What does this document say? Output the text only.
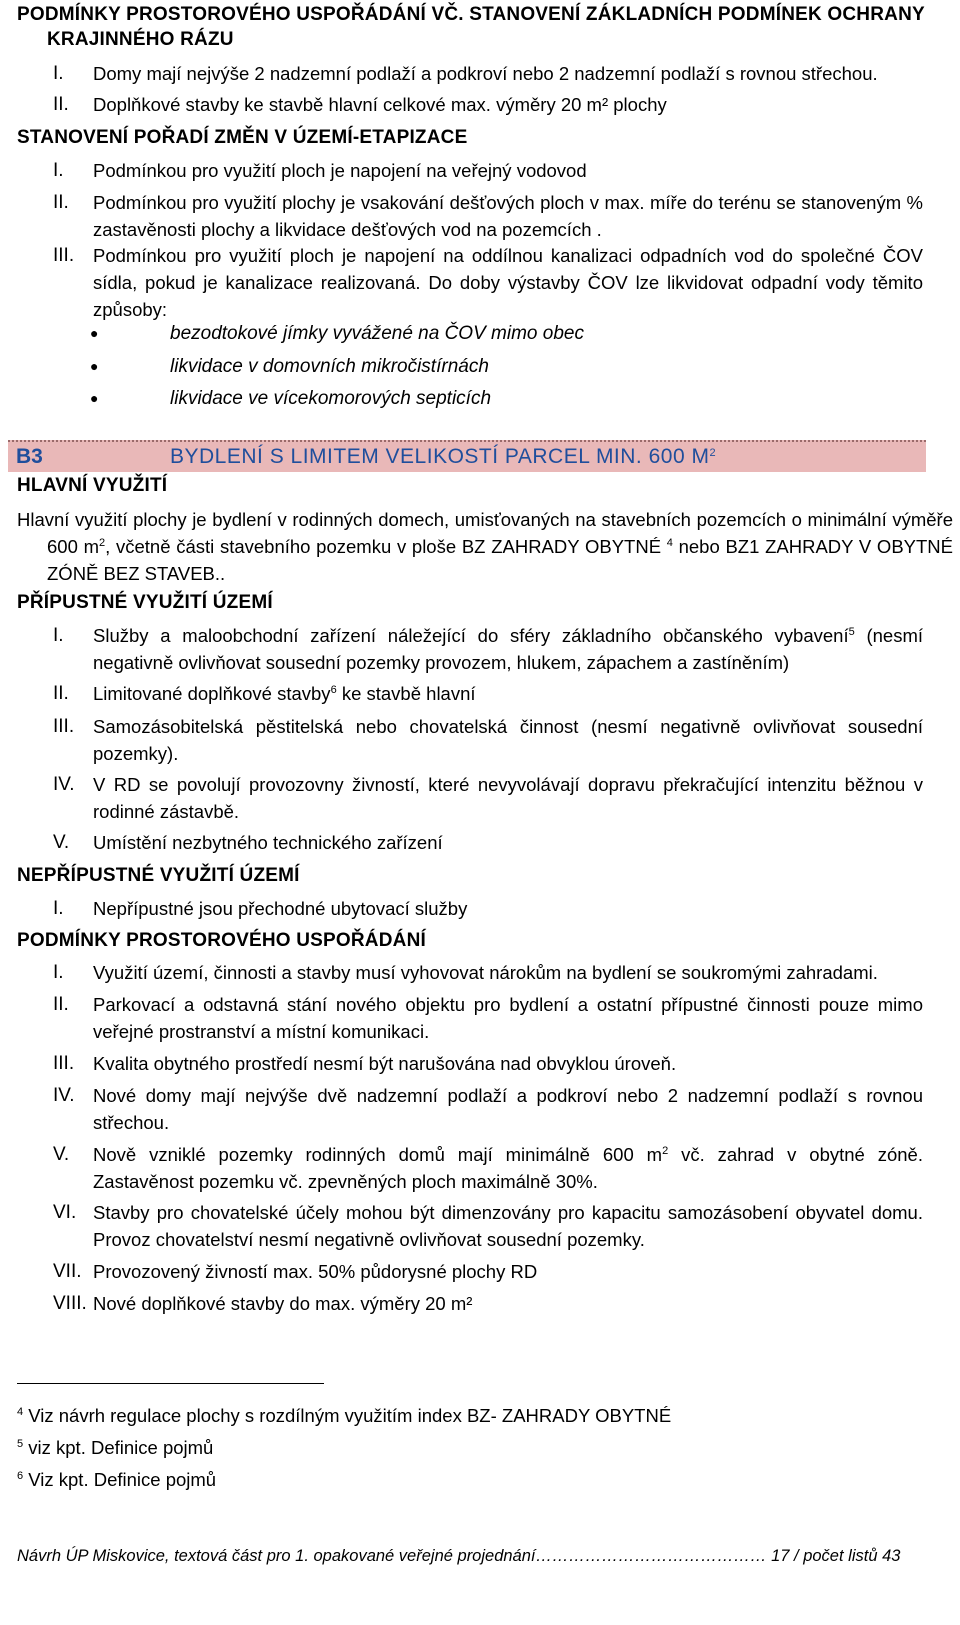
PODMÍNKY PROSTOROVÉHO USPOŘÁDÁNÍ VČ. STANOVENÍ ZÁKLADNÍCH PODMÍNEK OCHRANY
KRAJINNÉHO RÁZU
I. Domy mají nejvýše 2 nadzemní podlaží a podkroví nebo 2 nadzemní podlaží s rovnou střechou.
II. Doplňkové stavby ke stavbě hlavní celkové max. výměry 20 m² plochy
STANOVENÍ POŘADÍ ZMĚN V ÚZEMÍ-ETAPIZACE
I. Podmínkou pro využití ploch je napojení na veřejný vodovod
II. Podmínkou pro využití plochy je vsakování dešťových ploch v max. míře do terénu se stanoveným % zastavěnosti plochy a likvidace dešťových vod na pozemcích .
III. Podmínkou pro využití ploch je napojení na oddílnou kanalizaci odpadních vod do společné ČOV sídla, pokud je kanalizace realizovaná. Do doby výstavby ČOV lze likvidovat odpadní vody těmito způsoby:
●	bezodtokové jímky vyvážené na ČOV mimo obec
●	likvidace v domovních mikročistírnách
●	likvidace ve vícekomorových septicích
B3	BYDLENÍ S LIMITEM VELIKOSTÍ PARCEL MIN. 600 $M^2$
HLAVNÍ VYUŽITÍ
Hlavní využití plochy je bydlení v rodinných domech, umisťovaných na stavebních pozemcích o minimální výměře 600 $m^2$, včetně části stavebního pozemku v ploše BZ ZAHRADY OBYTNÉ $^4$ nebo BZ1 ZAHRADY V OBYTNÉ ZÓNĚ BEZ STAVEB..
PŘÍPUSTNÉ VYUŽITÍ ÚZEMÍ
I. Služby a maloobchodní zařízení náležející do sféry základního občanského vybavení$^5$ (nesmí negativně ovlivňovat sousední pozemky provozem, hlukem, zápachem a zastíněním)
II. Limitované doplňkové stavby$^6$ ke stavbě hlavní
III. Samozásobitelská pěstitelská nebo chovatelská činnost (nesmí negativně ovlivňovat sousední pozemky).
IV. V RD se povolují provozovny živností, které nevyvolávají dopravu překračující intenzitu běžnou v rodinné zástavbě.
V. Umístění nezbytného technického zařízení
NEPŘÍPUSTNÉ VYUŽITÍ ÚZEMÍ
I. Nepřípustné jsou přechodné ubytovací služby
PODMÍNKY PROSTOROVÉHO USPOŘÁDÁNÍ
I. Využití území, činnosti a stavby musí vyhovovat nárokům na bydlení se soukromými zahradami.
II. Parkovací a odstavná stání nového objektu pro bydlení a ostatní přípustné činnosti pouze mimo veřejné prostranství a místní komunikaci.
III. Kvalita obytného prostředí nesmí být narušována nad obvyklou úroveň.
IV. Nové domy mají nejvýše dvě nadzemní podlaží a podkroví nebo 2 nadzemní podlaží s rovnou střechou.
V. Nově vzniklé pozemky rodinných domů mají minimálně 600 $m^2$ vč. zahrad v obytné zóně. Zastavěnost pozemku vč. zpevněných ploch maximálně 30%.
VI. Stavby pro chovatelské účely mohou být dimenzovány pro kapacitu samozásobení obyvatel domu. Provoz chovatelství nesmí negativně ovlivňovat sousední pozemky.
VII. Provozovený živností max. 50% půdorysné plochy RD
VIII. Nové doplňkové stavby do max. výměry 20 m²
$^4$ Viz návrh regulace plochy s rozdílným využitím index BZ- ZAHRADY OBYTNÉ
$^5$ viz kpt. Definice pojmů
$^6$ Viz kpt. Definice pojmů
Návrh ÚP Miskovice, textová část pro 1. opakované veřejné projednání…………………………………… 17 / počet listů 43
